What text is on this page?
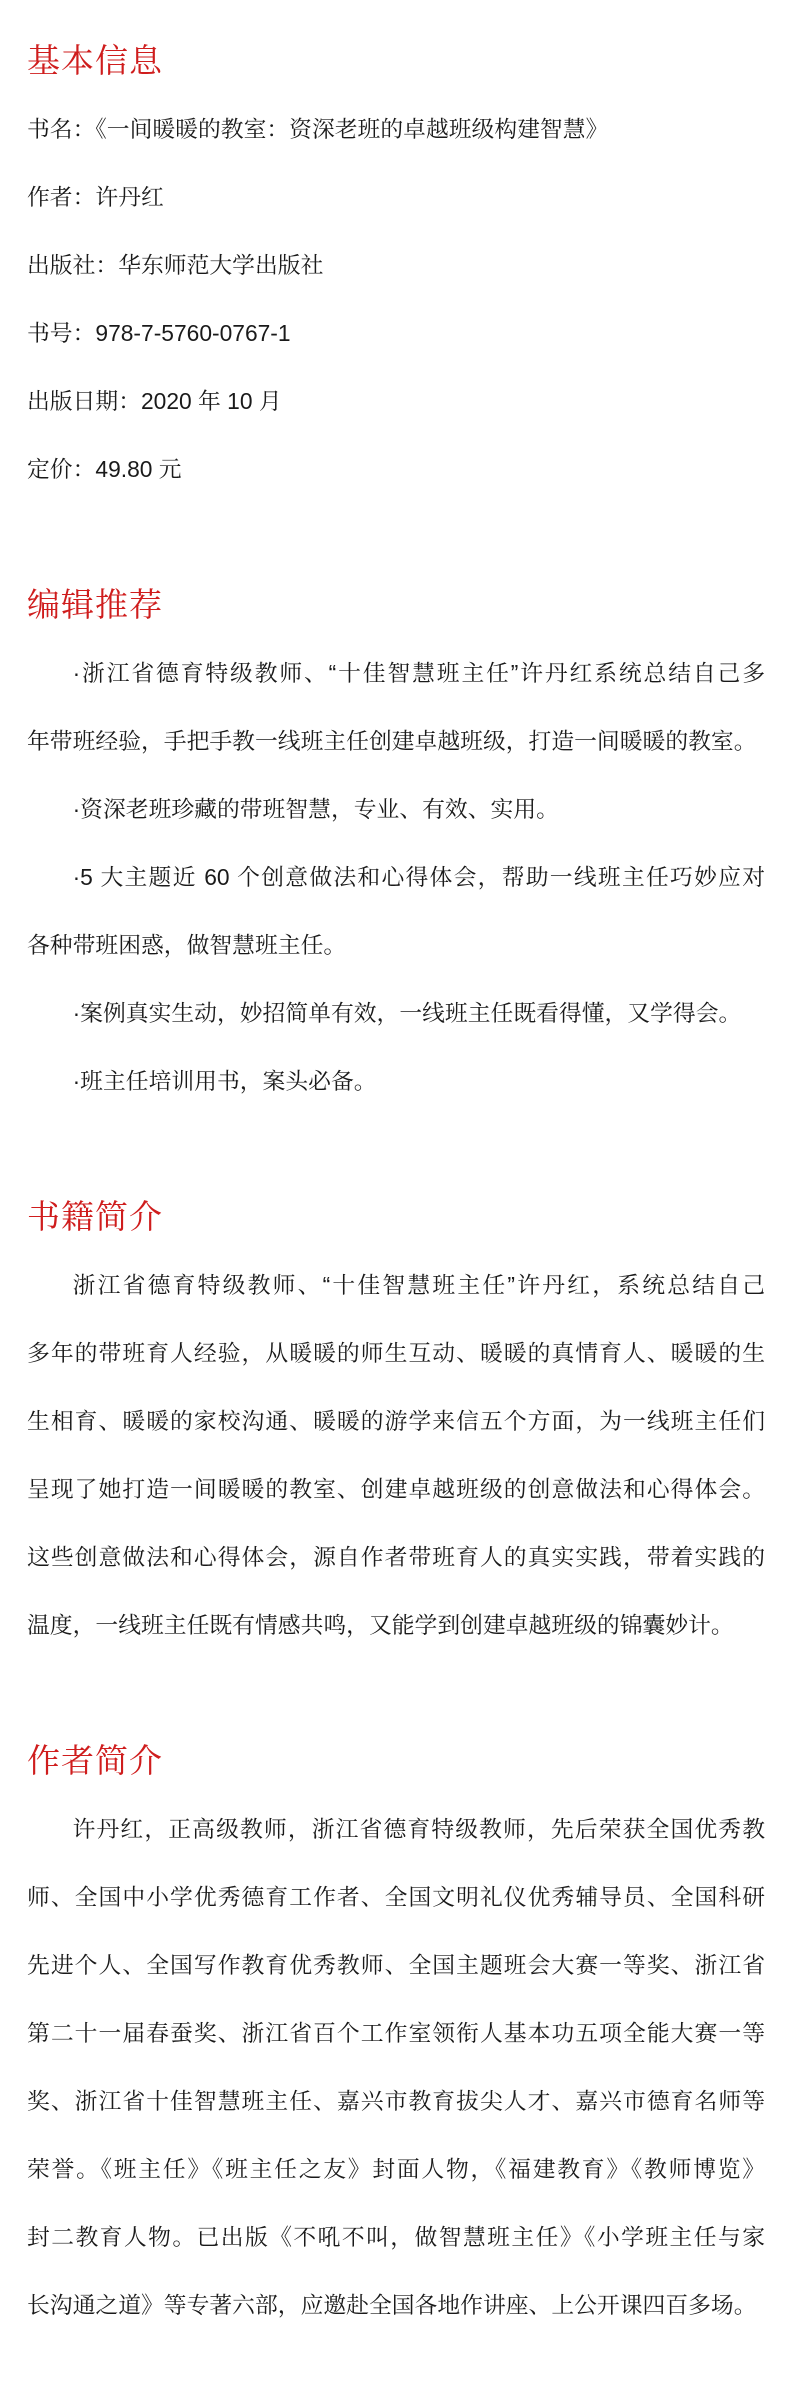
基本信息
书名：《一间暖暖的教室：资深老班的卓越班级构建智慧》
作者：许丹红
出版社：华东师范大学出版社
书号：978-7-5760-0767-1
出版日期：2020 年 10 月
定价：49.80 元
编辑推荐
·浙江省德育特级教师、“十佳智慧班主任”许丹红系统总结自己多
年带班经验，手把手教一线班主任创建卓越班级，打造一间暖暖的教室。
·资深老班珍藏的带班智慧，专业、有效、实用。
·5 大主题近 60 个创意做法和心得体会，帮助一线班主任巧妙应对
各种带班困惑，做智慧班主任。
·案例真实生动，妙招简单有效，一线班主任既看得懂，又学得会。
·班主任培训用书，案头必备。
书籍简介
浙江省德育特级教师、“十佳智慧班主任”许丹红，系统总结自己
多年的带班育人经验，从暖暖的师生互动、暖暖的真情育人、暖暖的生
生相育、暖暖的家校沟通、暖暖的游学来信五个方面，为一线班主任们
呈现了她打造一间暖暖的教室、创建卓越班级的创意做法和心得体会。
这些创意做法和心得体会，源自作者带班育人的真实实践，带着实践的
温度，一线班主任既有情感共鸣，又能学到创建卓越班级的锦囊妙计。
作者简介
许丹红，正高级教师，浙江省德育特级教师，先后荣获全国优秀教
师、全国中小学优秀德育工作者、全国文明礼仪优秀辅导员、全国科研
先进个人、全国写作教育优秀教师、全国主题班会大赛一等奖、浙江省
第二十一届春蚕奖、浙江省百个工作室领衔人基本功五项全能大赛一等
奖、浙江省十佳智慧班主任、嘉兴市教育拔尖人才、嘉兴市德育名师等
荣誉。《班主任》《班主任之友》封面人物，《福建教育》《教师博览》
封二教育人物。已出版《不吼不叫，做智慧班主任》《小学班主任与家
长沟通之道》等专著六部，应邀赴全国各地作讲座、上公开课四百多场。
